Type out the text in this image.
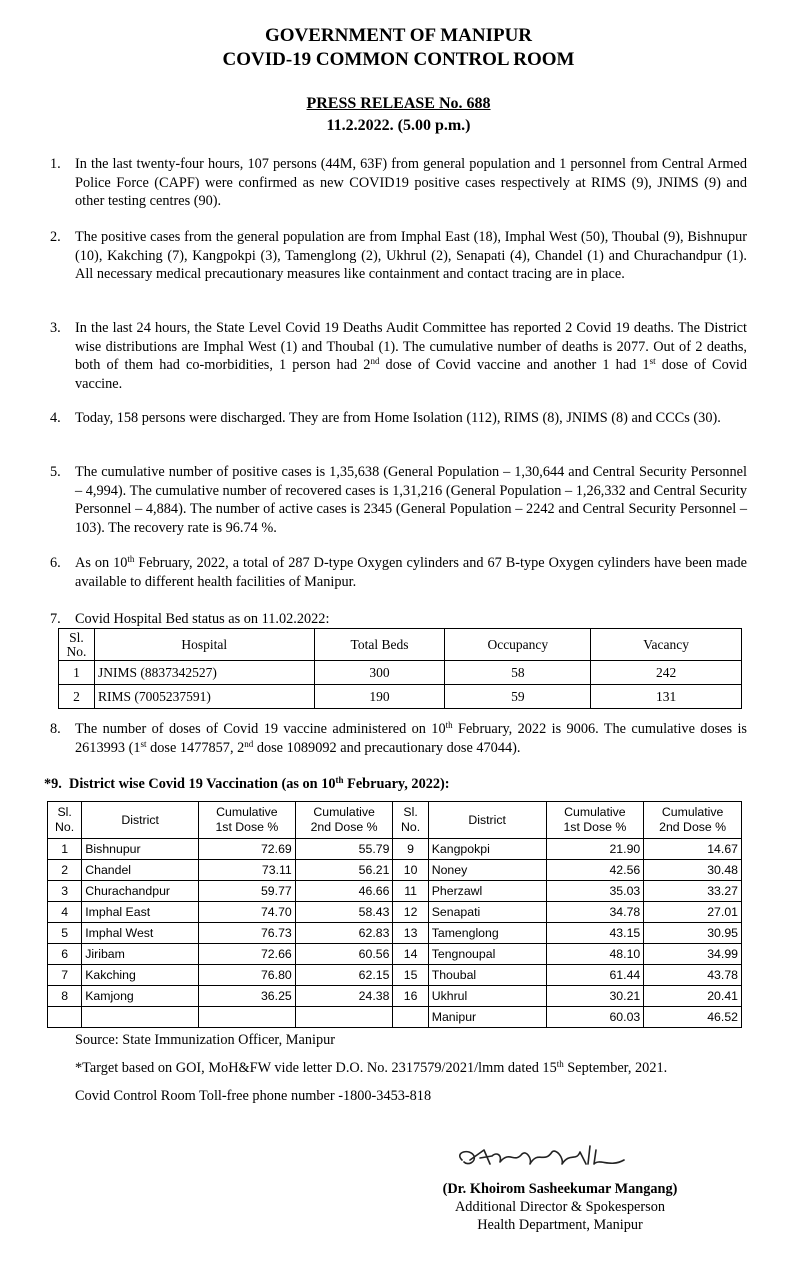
GOVERNMENT OF MANIPUR
COVID-19 COMMON CONTROL ROOM
PRESS RELEASE No. 688
11.2.2022. (5.00 p.m.)
1. In the last twenty-four hours, 107 persons (44M, 63F) from general population and 1 personnel from Central Armed Police Force (CAPF) were confirmed as new COVID19 positive cases respectively at RIMS (9), JNIMS (9) and other testing centres (90).
2. The positive cases from the general population are from Imphal East (18), Imphal West (50), Thoubal (9), Bishnupur (10), Kakching (7), Kangpokpi (3), Tamenglong (2), Ukhrul (2), Senapati (4), Chandel (1) and Churachandpur (1). All necessary medical precautionary measures like containment and contact tracing are in place.
3. In the last 24 hours, the State Level Covid 19 Deaths Audit Committee has reported 2 Covid 19 deaths. The District wise distributions are Imphal West (1) and Thoubal (1). The cumulative number of deaths is 2077. Out of 2 deaths, both of them had co-morbidities, 1 person had 2nd dose of Covid vaccine and another 1 had 1st dose of Covid vaccine.
4. Today, 158 persons were discharged. They are from Home Isolation (112), RIMS (8), JNIMS (8) and CCCs (30).
5. The cumulative number of positive cases is 1,35,638 (General Population – 1,30,644 and Central Security Personnel – 4,994). The cumulative number of recovered cases is 1,31,216 (General Population – 1,26,332 and Central Security Personnel – 4,884). The number of active cases is 2345 (General Population – 2242 and Central Security Personnel – 103). The recovery rate is 96.74 %.
6. As on 10th February, 2022, a total of 287 D-type Oxygen cylinders and 67 B-type Oxygen cylinders have been made available to different health facilities of Manipur.
7. Covid Hospital Bed status as on 11.02.2022:
Sl.
No.	Hospital	Total Beds	Occupancy	Vacancy
1	JNIMS (8837342527)	300	58	242
2	RIMS (7005237591)	190	59	131
8. The number of doses of Covid 19 vaccine administered on 10th February, 2022 is 9006. The cumulative doses is 2613993 (1st dose 1477857, 2nd dose 1089092 and precautionary dose 47044).
*9.  District wise Covid 19 Vaccination (as on 10th February, 2022):
Sl.
No.	District	Cumulative
1st Dose %	Cumulative
2nd Dose %	Sl.
No.	District	Cumulative
1st Dose %	Cumulative
2nd Dose %
1	Bishnupur	72.69	55.79	9	Kangpokpi	21.90	14.67
2	Chandel	73.11	56.21	10	Noney	42.56	30.48
3	Churachandpur	59.77	46.66	11	Pherzawl	35.03	33.27
4	Imphal East	74.70	58.43	12	Senapati	34.78	27.01
5	Imphal West	76.73	62.83	13	Tamenglong	43.15	30.95
6	Jiribam	72.66	60.56	14	Tengnoupal	48.10	34.99
7	Kakching	76.80	62.15	15	Thoubal	61.44	43.78
8	Kamjong	36.25	24.38	16	Ukhrul	30.21	20.41
					Manipur	60.03	46.52
Source: State Immunization Officer, Manipur
*Target based on GOI, MoH&FW vide letter D.O. No. 2317579/2021/lmm dated 15th September, 2021.
Covid Control Room Toll-free phone number -1800-3453-818
(Dr. Khoirom Sasheekumar Mangang)
Additional Director & Spokesperson
Health Department, Manipur
